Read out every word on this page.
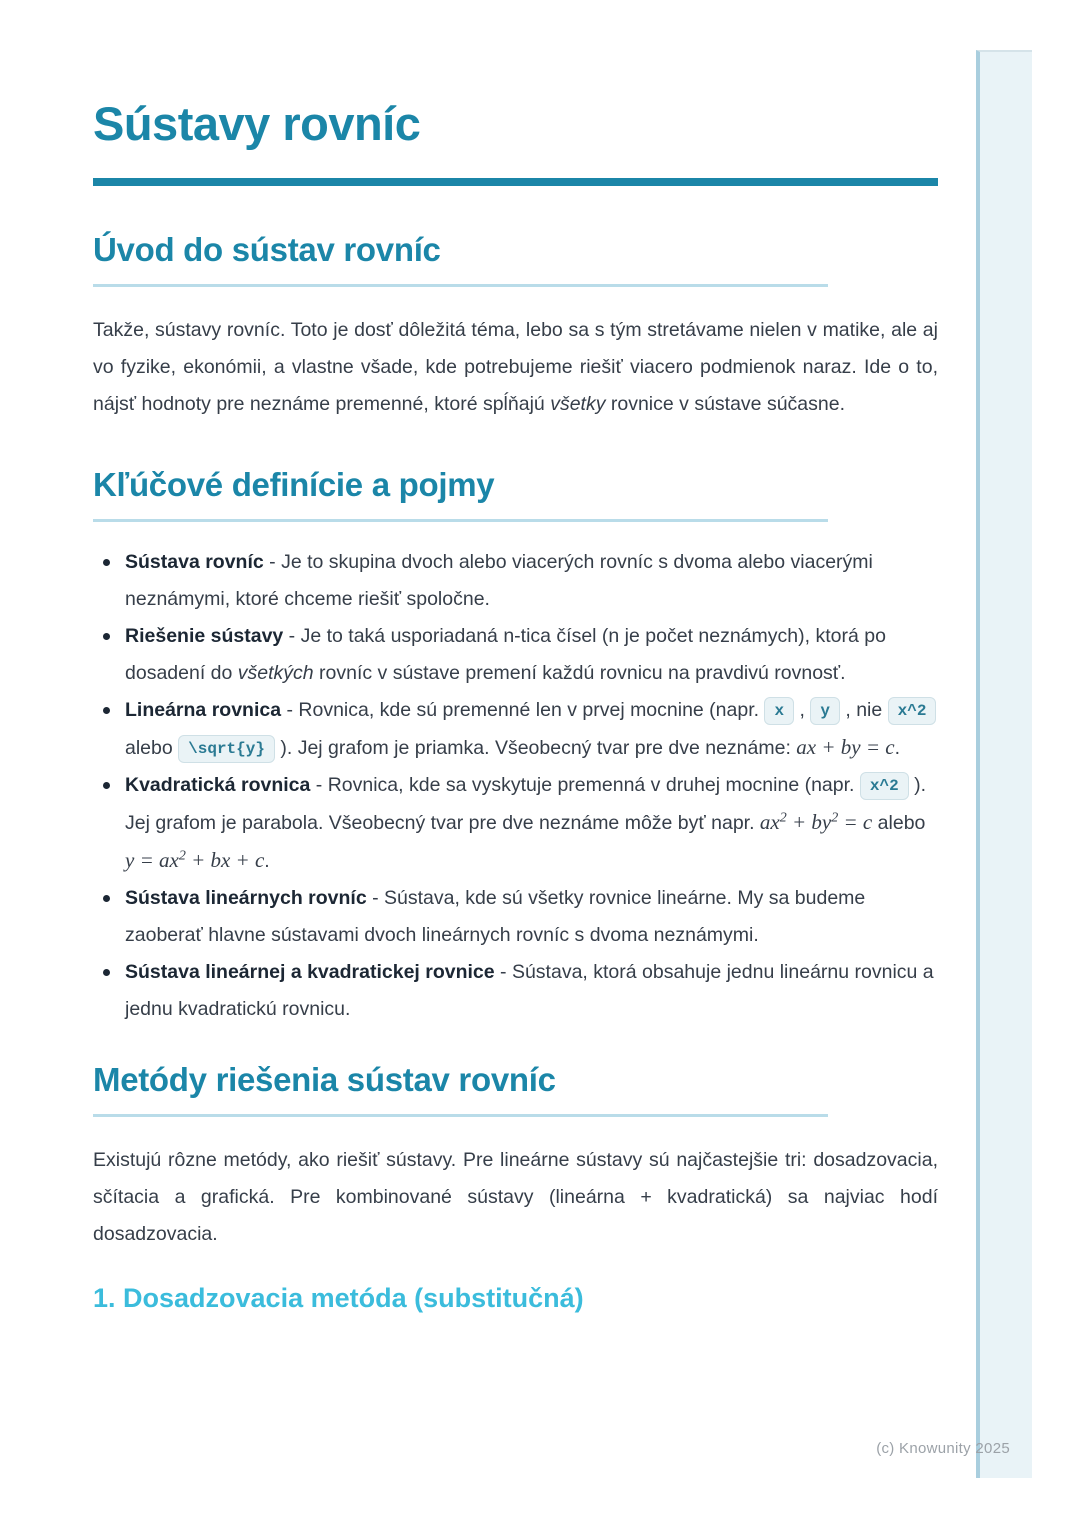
(c) Knowunity 2025
Sústavy rovníc
Úvod do sústav rovníc

Takže, sústavy rovníc. Toto je dosť dôležitá téma, lebo sa s tým stretávame nielen v matike, ale aj vo fyzike, ekonómii, a vlastne všade, kde potrebujeme riešiť viacero podmienok naraz. Ide o to, nájsť hodnoty pre neznáme premenné, ktoré spĺňajú všetky rovnice v sústave súčasne.

Kľúčové definície a pojmy
Sústava rovníc - Je to skupina dvoch alebo viacerých rovníc s dvoma alebo viacerými neznámymi, ktoré chceme riešiť spoločne.
Riešenie sústavy - Je to taká usporiadaná n-tica čísel (n je počet neznámych), ktorá po dosadení do všetkých rovníc v sústave premení každú rovnicu na pravdivú rovnosť.
Lineárna rovnica - Rovnica, kde sú premenné len v prvej mocnine (napr. x , y , nie x^2 alebo \sqrt{y} ). Jej grafom je priamka. Všeobecný tvar pre dve neznáme: ax + by = c.
Kvadratická rovnica - Rovnica, kde sa vyskytuje premenná v druhej mocnine (napr. x^2 ). Jej grafom je parabola. Všeobecný tvar pre dve neznáme môže byť napr. $ax^2 + by^2 = c$ alebo $y = ax^2$ + bx + c.
Sústava lineárnych rovníc - Sústava, kde sú všetky rovnice lineárne. My sa budeme zaoberať hlavne sústavami dvoch lineárnych rovníc s dvoma neznámymi.
Sústava lineárnej a kvadratickej rovnice - Sústava, ktorá obsahuje jednu lineárnu rovnicu a jednu kvadratickú rovnicu.
Metódy riešenia sústav rovníc

Existujú rôzne metódy, ako riešiť sústavy. Pre lineárne sústavy sú najčastejšie tri: dosadzovacia, sčítacia a grafická. Pre kombinované sústavy (lineárna + kvadratická) sa najviac hodí dosadzovacia.

1. Dosadzovacia metóda (substitučná)
